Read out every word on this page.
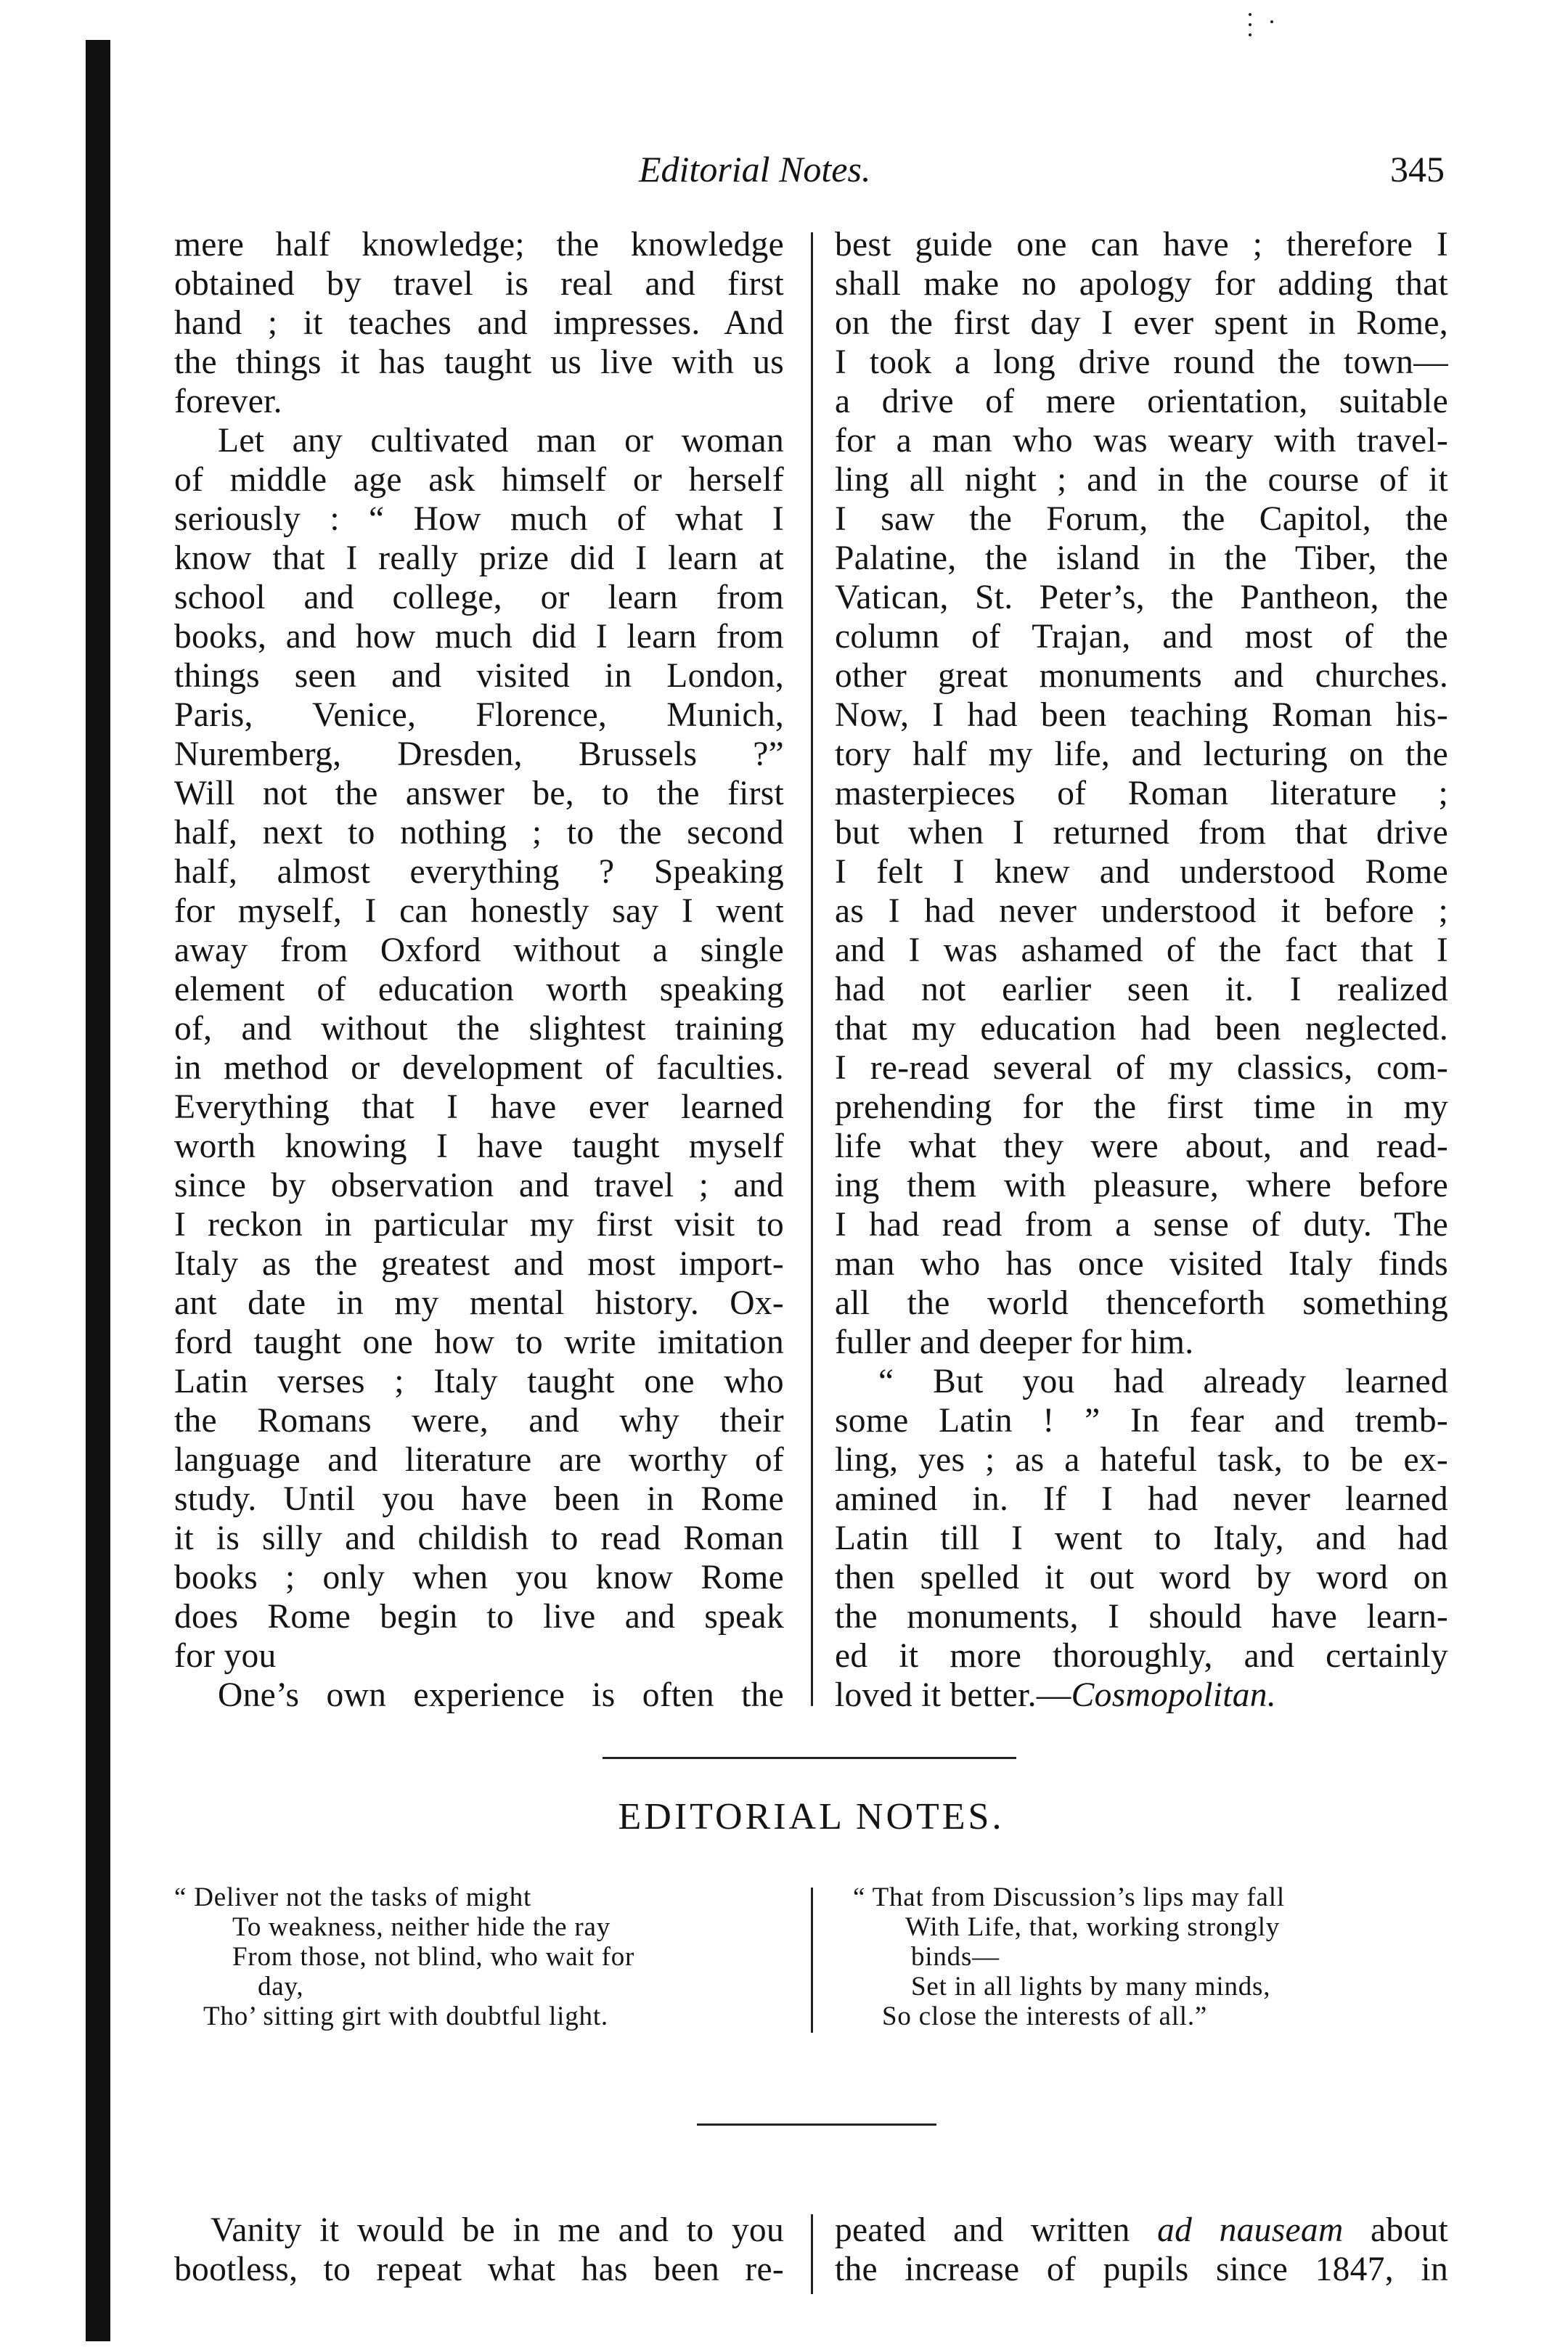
Editorial Notes.	345
mere half knowledge; the knowledge
obtained by travel is real and first
hand ; it teaches and impresses. And
the things it has taught us live with us
forever.
Let any cultivated man or woman
of middle age ask himself or herself
seriously : “ How much of what I
know that I really prize did I learn at
school and college, or learn from
books, and how much did I learn from
things seen and visited in London,
Paris, Venice, Florence, Munich,
Nuremberg, Dresden, Brussels ?”
Will not the answer be, to the first
half, next to nothing ; to the second
half, almost everything ? Speaking
for myself, I can honestly say I went
away from Oxford without a single
element of education worth speaking
of, and without the slightest training
in method or development of faculties.
Everything that I have ever learned
worth knowing I have taught myself
since by observation and travel ; and
I reckon in particular my first visit to
Italy as the greatest and most import-
ant date in my mental history. Ox-
ford taught one how to write imitation
Latin verses ; Italy taught one who
the Romans were, and why their
language and literature are worthy of
study. Until you have been in Rome
it is silly and childish to read Roman
books ; only when you know Rome
does Rome begin to live and speak
for you
One’s own experience is often the
best guide one can have ; therefore I
shall make no apology for adding that
on the first day I ever spent in Rome,
I took a long drive round the town—
a drive of mere orientation, suitable
for a man who was weary with travel-
ling all night ; and in the course of it
I saw the Forum, the Capitol, the
Palatine, the island in the Tiber, the
Vatican, St. Peter’s, the Pantheon, the
column of Trajan, and most of the
other great monuments and churches.
Now, I had been teaching Roman his-
tory half my life, and lecturing on the
masterpieces of Roman literature ;
but when I returned from that drive
I felt I knew and understood Rome
as I had never understood it before ;
and I was ashamed of the fact that I
had not earlier seen it. I realized
that my education had been neglected.
I re-read several of my classics, com-
prehending for the first time in my
life what they were about, and read-
ing them with pleasure, where before
I had read from a sense of duty. The
man who has once visited Italy finds
all the world thenceforth something
fuller and deeper for him.
“ But you had already learned
some Latin ! ” In fear and tremb-
ling, yes ; as a hateful task, to be ex-
amined in. If I had never learned
Latin till I went to Italy, and had
then spelled it out word by word on
the monuments, I should have learn-
ed it more thoroughly, and certainly
loved it better.—Cosmopolitan.
EDITORIAL NOTES.
“ Deliver not the tasks of might
To weakness, neither hide the ray
From those, not blind, who wait for
day,
Tho’ sitting girt with doubtful light.
“ That from Discussion’s lips may fall
With Life, that, working strongly
binds—
Set in all lights by many minds,
So close the interests of all.”
Vanity it would be in me and to you
bootless, to repeat what has been re-
peated and written ad nauseam about
the increase of pupils since 1847, in
